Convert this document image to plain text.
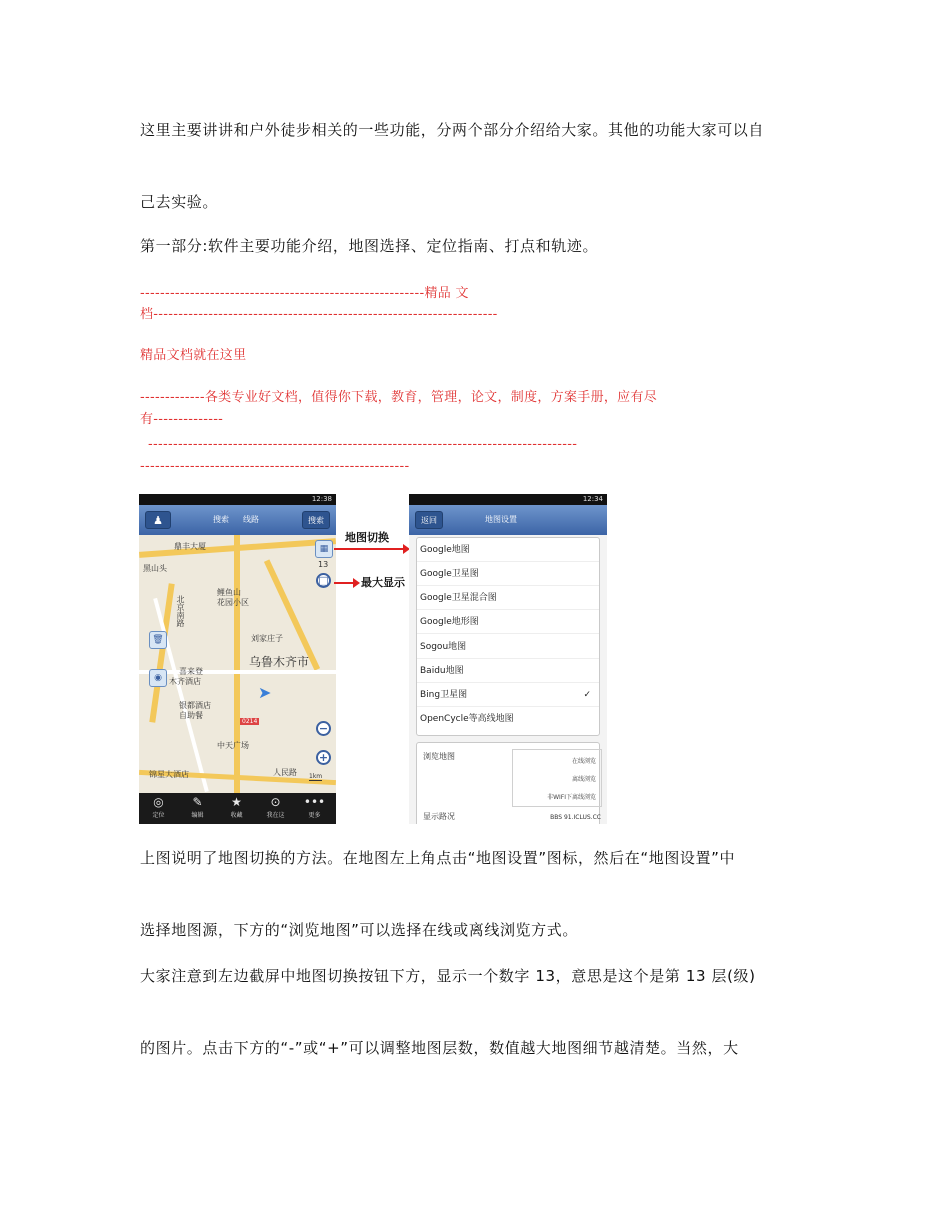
这里主要讲讲和户外徒步相关的一些功能，分两个部分介绍给大家。其他的功能大家可以自

己去实验。

第一部分:软件主要功能介绍，地图选择、定位指南、打点和轨迹。

---------------------------------------------------------精品 文

档---------------------------------------------------------------------

精品文档就在这里

-------------各类专业好文档，值得你下载，教育，管理，论文，制度，方案手册，应有尽

有--------------

--------------------------------------------------------------------------------------

------------------------------------------------------

12:38
♟	搜索 线路	搜索
鼎丰大厦
黑山头
鲤鱼山
花园小区
北京南路
刘家庄子
乌鲁木齐市
喜来登
木齐酒店
银都酒店
自助餐
中天广场
锦星大酒店	人民路
0214
🗑
◉
▦
13
□
➤
−
+
1km
◎
定位
✎
编辑
★
收藏
⊙
我在这
•••
更多
地图切换
最大显示
12:34
返回	地图设置
Google地图
Google卫星图
Google卫星混合图
Google地形图
Sogou地图
Baidu地图
Bing卫星图	✓
OpenCycle等高线地图
浏览地图
在线浏览
离线浏览
非WIFI下离线浏览
显示路况	BBS 91.ICLUS.CC

上图说明了地图切换的方法。在地图左上角点击“地图设置”图标，然后在“地图设置”中

选择地图源，下方的“浏览地图”可以选择在线或离线浏览方式。

大家注意到左边截屏中地图切换按钮下方，显示一个数字 13，意思是这个是第 13 层(级)

的图片。点击下方的“-”或“+”可以调整地图层数，数值越大地图细节越清楚。当然，大
